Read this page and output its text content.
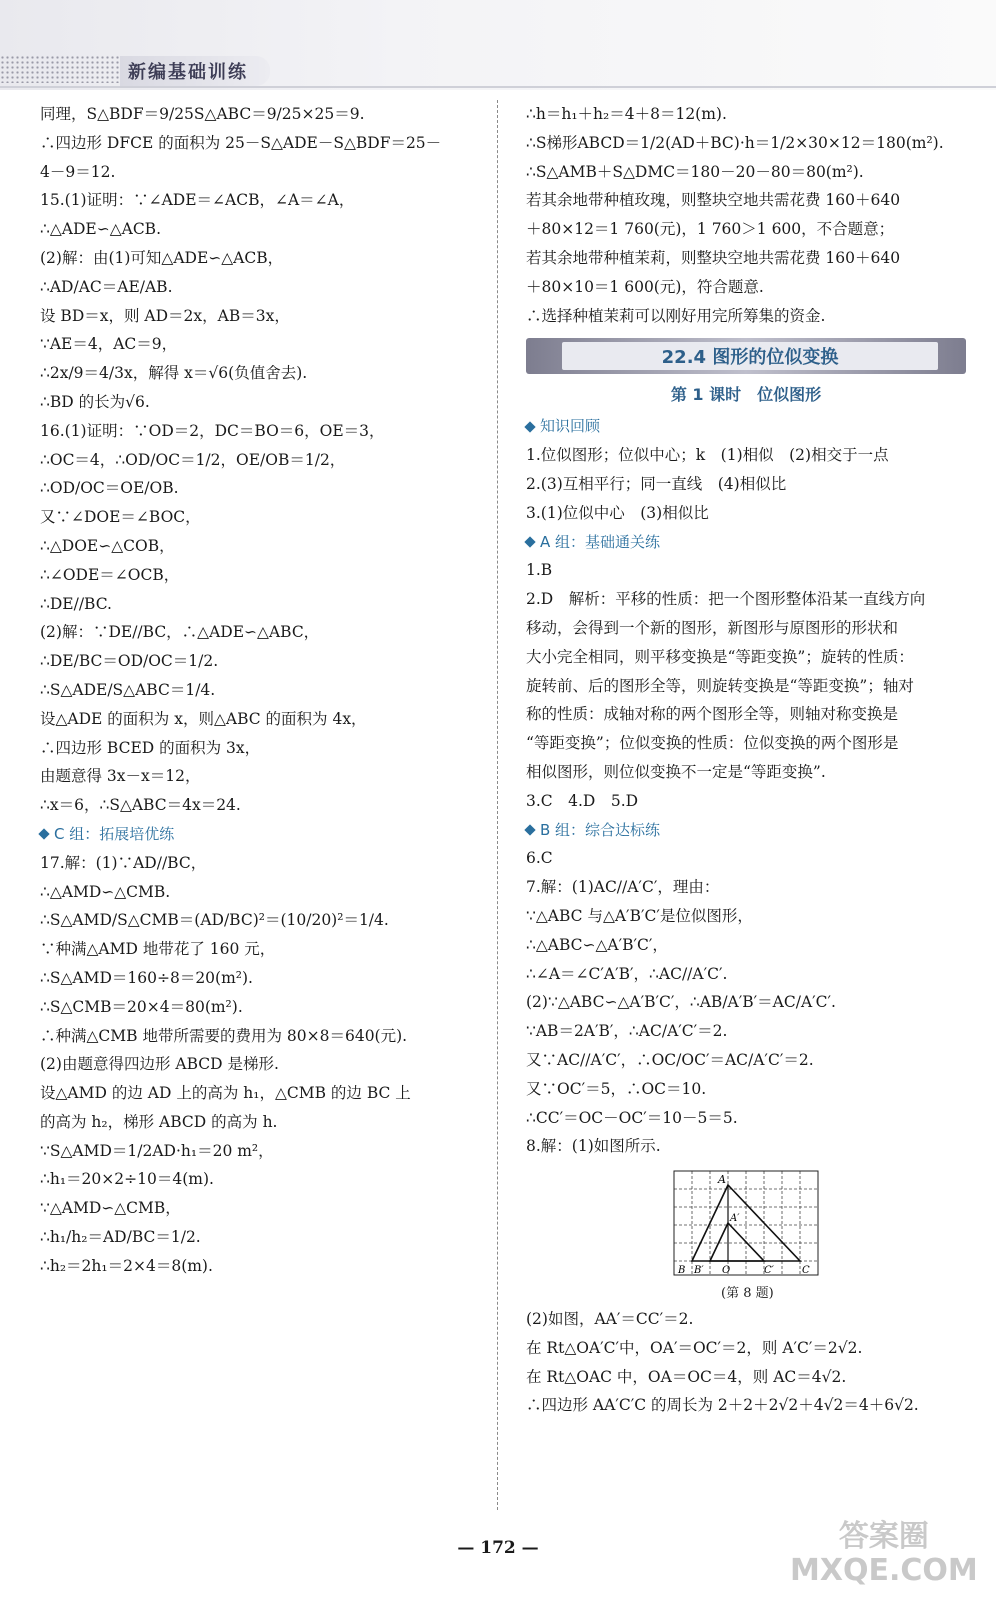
新编基础训练
同理，S△BDF＝9/25S△ABC＝9/25×25＝9.
∴四边形 DFCE 的面积为 25－S△ADE－S△BDF＝25－
4－9＝12.
15.(1)证明：∵∠ADE＝∠ACB，∠A＝∠A，
∴△ADE∽△ACB.
(2)解：由(1)可知△ADE∽△ACB，
∴AD/AC＝AE/AB.
设 BD＝x，则 AD＝2x，AB＝3x，
∵AE＝4，AC＝9，
∴2x/9＝4/3x，解得 x＝√6(负值舍去).
∴BD 的长为√6.
16.(1)证明：∵OD＝2，DC＝BO＝6，OE＝3，
∴OC＝4，∴OD/OC＝1/2，OE/OB＝1/2，
∴OD/OC＝OE/OB.
又∵∠DOE＝∠BOC，
∴△DOE∽△COB，
∴∠ODE＝∠OCB，
∴DE//BC.
(2)解：∵DE//BC，∴△ADE∽△ABC，
∴DE/BC＝OD/OC＝1/2.
∴S△ADE/S△ABC＝1/4.
设△ADE 的面积为 x，则△ABC 的面积为 4x，
∴四边形 BCED 的面积为 3x，
由题意得 3x－x＝12，
∴x＝6，∴S△ABC＝4x＝24.
C 组：拓展培优练
17.解：(1)∵AD//BC，
∴△AMD∽△CMB.
∴S△AMD/S△CMB＝(AD/BC)²＝(10/20)²＝1/4.
∵种满△AMD 地带花了 160 元，
∴S△AMD＝160÷8＝20(m²).
∴S△CMB＝20×4＝80(m²).
∴种满△CMB 地带所需要的费用为 80×8＝640(元).
(2)由题意得四边形 ABCD 是梯形.
设△AMD 的边 AD 上的高为 h₁，△CMB 的边 BC 上
的高为 h₂，梯形 ABCD 的高为 h.
∵S△AMD＝1/2AD·h₁＝20 m²，
∴h₁＝20×2÷10＝4(m).
∵△AMD∽△CMB，
∴h₁/h₂＝AD/BC＝1/2.
∴h₂＝2h₁＝2×4＝8(m).
∴h＝h₁＋h₂＝4＋8＝12(m).
∴S梯形ABCD＝1/2(AD＋BC)·h＝1/2×30×12＝180(m²).
∴S△AMB＋S△DMC＝180－20－80＝80(m²).
若其余地带种植玫瑰，则整块空地共需花费 160＋640
＋80×12＝1 760(元)，1 760＞1 600，不合题意；
若其余地带种植茉莉，则整块空地共需花费 160＋640
＋80×10＝1 600(元)，符合题意.
∴选择种植茉莉可以刚好用完所筹集的资金.
22.4 图形的位似变换
第 1 课时　位似图形
知识回顾
1.位似图形；位似中心；k　(1)相似　(2)相交于一点
2.(3)互相平行；同一直线　(4)相似比
3.(1)位似中心　(3)相似比
A 组：基础通关练
1.B
2.D　解析：平移的性质：把一个图形整体沿某一直线方向
移动，会得到一个新的图形，新图形与原图形的形状和
大小完全相同，则平移变换是“等距变换”；旋转的性质：
旋转前、后的图形全等，则旋转变换是“等距变换”；轴对
称的性质：成轴对称的两个图形全等，则轴对称变换是
“等距变换”；位似变换的性质：位似变换的两个图形是
相似图形，则位似变换不一定是“等距变换”.
3.C　4.D　5.D
B 组：综合达标练
6.C
7.解：(1)AC//A′C′，理由：
∵△ABC 与△A′B′C′是位似图形，
∴△ABC∽△A′B′C′，
∴∠A＝∠C′A′B′，∴AC//A′C′.
(2)∵△ABC∽△A′B′C′，∴AB/A′B′＝AC/A′C′.
∵AB＝2A′B′，∴AC/A′C′＝2.
又∵AC//A′C′，∴OC/OC′＝AC/A′C′＝2.
又∵OC′＝5，∴OC＝10.
∴CC′＝OC－OC′＝10－5＝5.
8.解：(1)如图所示.
A
A′
B B′ O	C′	C
(第 8 题)
(2)如图，AA′＝CC′＝2.
在 Rt△OA′C′中，OA′＝OC′＝2，则 A′C′＝2√2.
在 Rt△OAC 中，OA＝OC＝4，则 AC＝4√2.
∴四边形 AA′C′C 的周长为 2＋2＋2√2＋4√2＝4＋6√2.
— 172 —	答案圈
MXQE.COM
